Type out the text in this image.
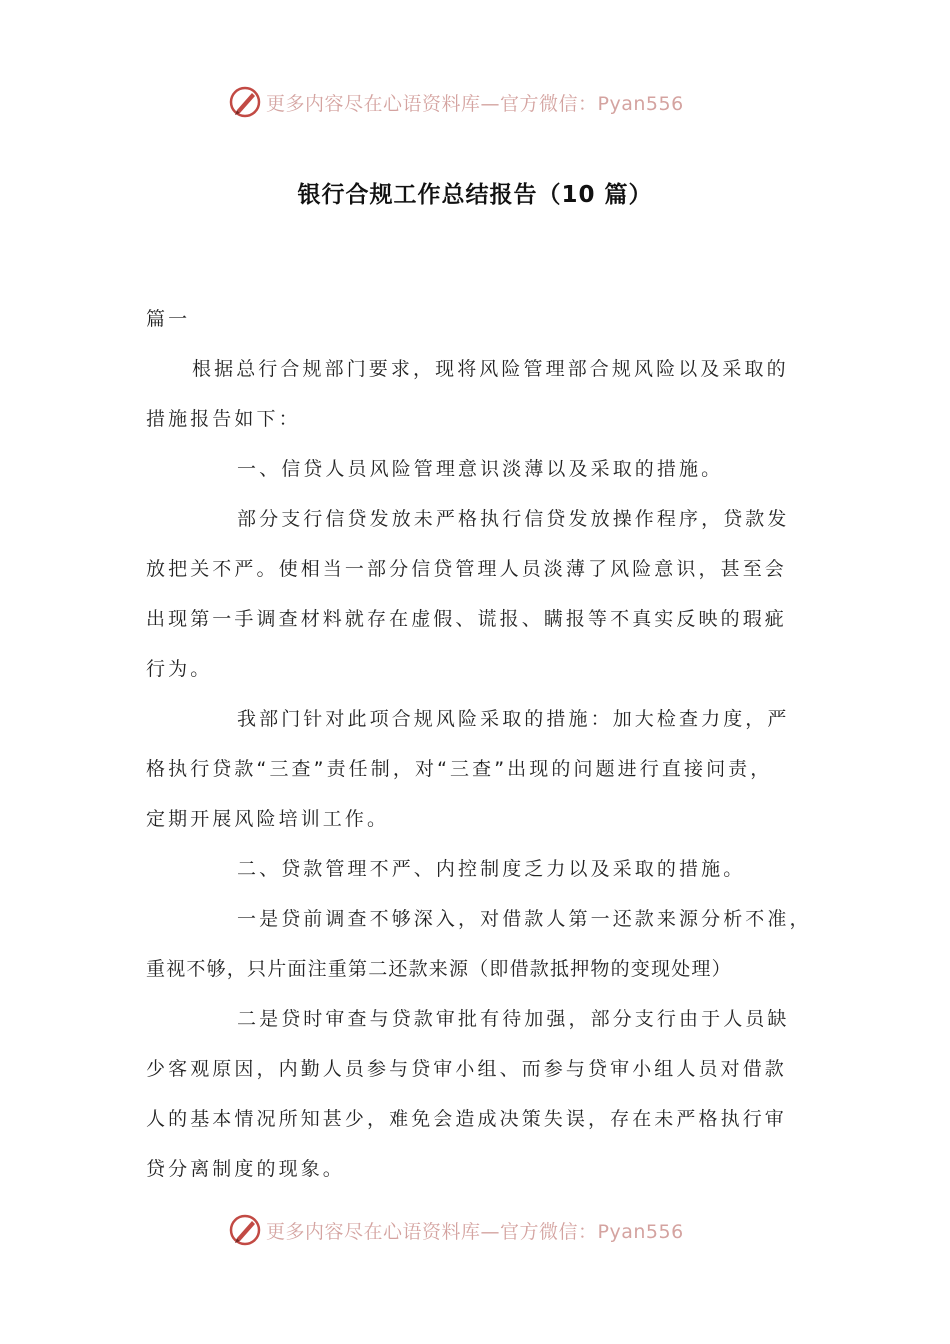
更多内容尽在心语资料库—官方微信：Pyan556
银行合规工作总结报告（10 篇）
篇一
根据总行合规部门要求，现将风险管理部合规风险以及采取的
措施报告如下：
一、信贷人员风险管理意识淡薄以及采取的措施。
部分支行信贷发放未严格执行信贷发放操作程序，贷款发
放把关不严。使相当一部分信贷管理人员淡薄了风险意识，甚至会
出现第一手调查材料就存在虚假、谎报、瞒报等不真实反映的瑕疵
行为。
我部门针对此项合规风险采取的措施：加大检查力度，严
格执行贷款“三查”责任制，对“三查”出现的问题进行直接问责，
定期开展风险培训工作。
二、贷款管理不严、内控制度乏力以及采取的措施。
一是贷前调查不够深入，对借款人第一还款来源分析不准，
重视不够，只片面注重第二还款来源（即借款抵押物的变现处理）
二是贷时审查与贷款审批有待加强，部分支行由于人员缺
少客观原因，内勤人员参与贷审小组、而参与贷审小组人员对借款
人的基本情况所知甚少，难免会造成决策失误，存在未严格执行审
贷分离制度的现象。
更多内容尽在心语资料库—官方微信：Pyan556
